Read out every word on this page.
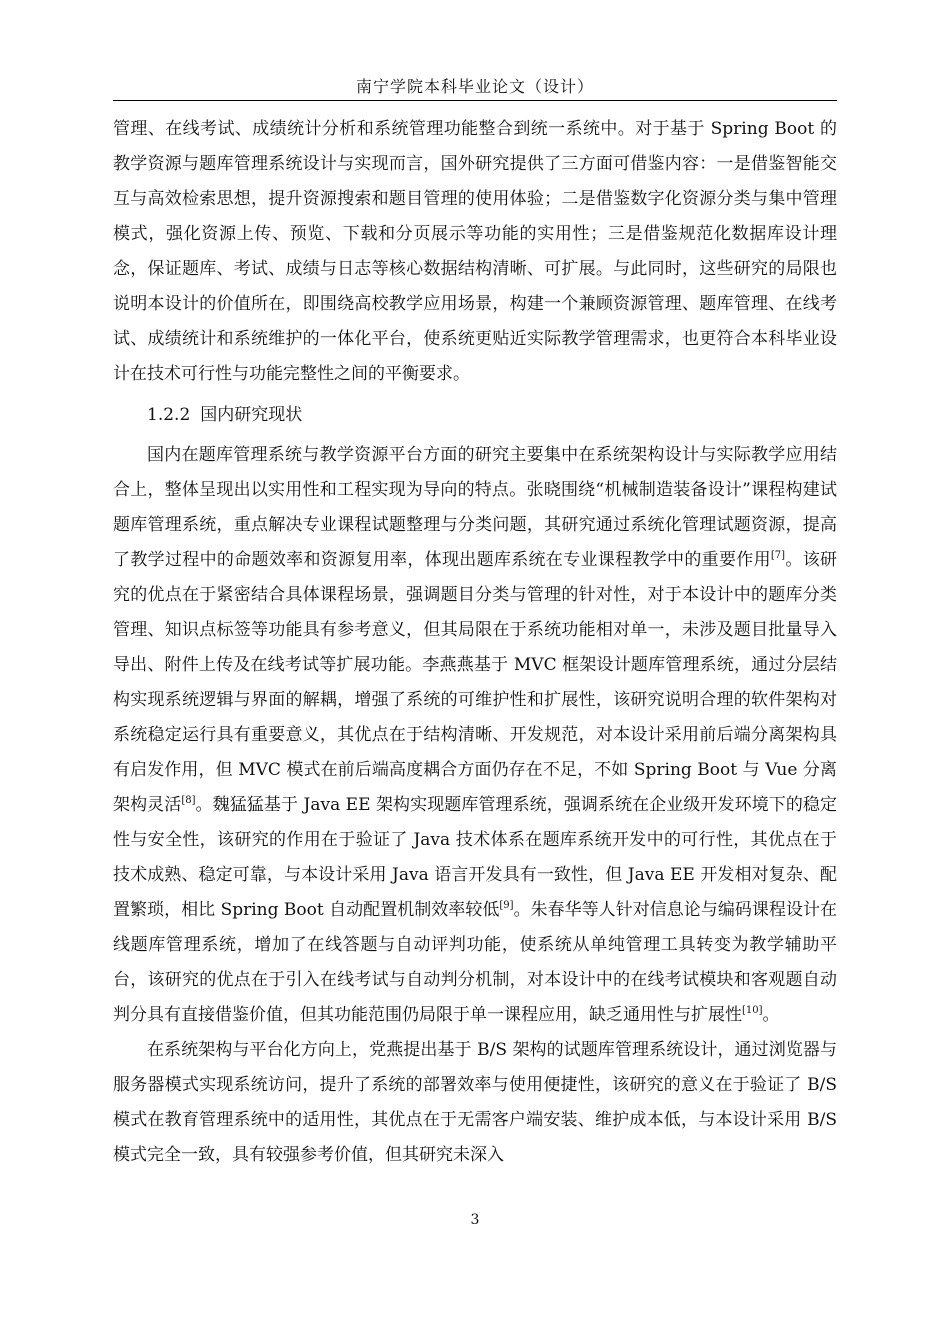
南宁学院本科毕业论文（设计）

管理、在线考试、成绩统计分析和系统管理功能整合到统一系统中。对于基于 Spring Boot 的教学资源与题库管理系统设计与实现而言，国外研究提供了三方面可借鉴内容：一是借鉴智能交互与高效检索思想，提升资源搜索和题目管理的使用体验；二是借鉴数字化资源分类与集中管理模式，强化资源上传、预览、下载和分页展示等功能的实用性；三是借鉴规范化数据库设计理念，保证题库、考试、成绩与日志等核心数据结构清晰、可扩展。与此同时，这些研究的局限也说明本设计的价值所在，即围绕高校教学应用场景，构建一个兼顾资源管理、题库管理、在线考试、成绩统计和系统维护的一体化平台，使系统更贴近实际教学管理需求，也更符合本科毕业设计在技术可行性与功能完整性之间的平衡要求。

1.2.2 国内研究现状

国内在题库管理系统与教学资源平台方面的研究主要集中在系统架构设计与实际教学应用结合上，整体呈现出以实用性和工程实现为导向的特点。张晓围绕“机械制造装备设计”课程构建试题库管理系统，重点解决专业课程试题整理与分类问题，其研究通过系统化管理试题资源，提高了教学过程中的命题效率和资源复用率，体现出题库系统在专业课程教学中的重要作用[7]。该研究的优点在于紧密结合具体课程场景，强调题目分类与管理的针对性，对于本设计中的题库分类管理、知识点标签等功能具有参考意义，但其局限在于系统功能相对单一，未涉及题目批量导入导出、附件上传及在线考试等扩展功能。李燕燕基于 MVC 框架设计题库管理系统，通过分层结构实现系统逻辑与界面的解耦，增强了系统的可维护性和扩展性，该研究说明合理的软件架构对系统稳定运行具有重要意义，其优点在于结构清晰、开发规范，对本设计采用前后端分离架构具有启发作用，但 MVC 模式在前后端高度耦合方面仍存在不足，不如 Spring Boot 与 Vue 分离架构灵活[8]。魏猛猛基于 Java EE 架构实现题库管理系统，强调系统在企业级开发环境下的稳定性与安全性，该研究的作用在于验证了 Java 技术体系在题库系统开发中的可行性，其优点在于技术成熟、稳定可靠，与本设计采用 Java 语言开发具有一致性，但 Java EE 开发相对复杂、配置繁琐，相比 Spring Boot 自动配置机制效率较低[9]。朱春华等人针对信息论与编码课程设计在线题库管理系统，增加了在线答题与自动评判功能，使系统从单纯管理工具转变为教学辅助平台，该研究的优点在于引入在线考试与自动判分机制，对本设计中的在线考试模块和客观题自动判分具有直接借鉴价值，但其功能范围仍局限于单一课程应用，缺乏通用性与扩展性[10]。

在系统架构与平台化方向上，党燕提出基于 B/S 架构的试题库管理系统设计，通过浏览器与服务器模式实现系统访问，提升了系统的部署效率与使用便捷性，该研究的意义在于验证了 B/S 模式在教育管理系统中的适用性，其优点在于无需客户端安装、维护成本低，与本设计采用 B/S 模式完全一致，具有较强参考价值，但其研究未深入

3
